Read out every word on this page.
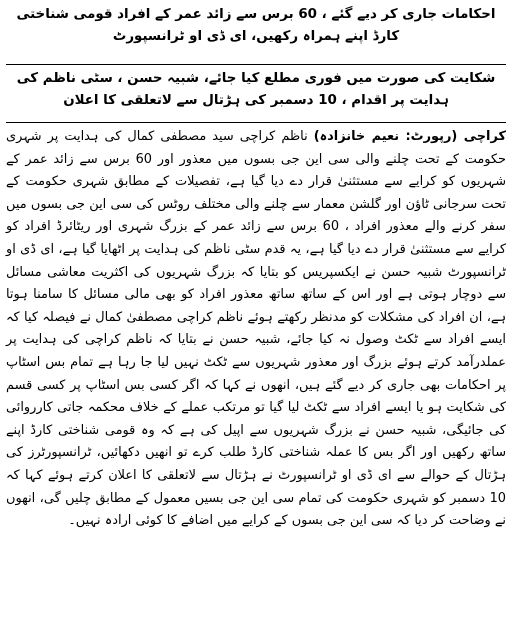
احکامات جاری کر دیے گئے ، 60 برس سے زائد عمر کے افراد قومی شناختی کارڈ اپنے ہمراہ رکھیں، ای ڈی او ٹرانسپورٹ
شکایت کی صورت میں فوری مطلع کیا جائے، شبیہ حسن ، سٹی ناظم کی ہدایت پر اقدام ، 10 دسمبر کی ہڑتال سے لاتعلقی کا اعلان

کراچی (رپورٹ: نعیم خانزادہ) ناظم کراچی سید مصطفی کمال کی ہدایت پر شہری حکومت کے تحت چلنے والی سی این جی بسوں میں معذور اور 60 برس سے زائد عمر کے شہریوں کو کرایے سے مستثنیٰ قرار دے دیا گیا ہے، تفصیلات کے مطابق شہری حکومت کے تحت سرجانی ٹاؤن اور گلشن معمار سے چلنے والی مختلف روٹس کی سی این جی بسوں میں سفر کرنے والے معذور افراد ، 60 برس سے زائد عمر کے بزرگ شہری اور ریٹائرڈ افراد کو کرایے سے مستثنیٰ قرار دے دیا گیا ہے، یہ قدم سٹی ناظم کی ہدایت پر اٹھایا گیا ہے، ای ڈی او ٹرانسپورٹ شبیہ حسن نے ایکسپریس کو بتایا کہ بزرگ شہریوں کی اکثریت معاشی مسائل سے دوچار ہوتی ہے اور اس کے ساتھ ساتھ معذور افراد کو بھی مالی مسائل کا سامنا ہوتا ہے، ان افراد کی مشکلات کو مدنظر رکھتے ہوئے ناظم کراچی مصطفیٰ کمال نے فیصلہ کیا کہ ایسے افراد سے ٹکٹ وصول نہ کیا جائے، شبیہ حسن نے بتایا کہ ناظم کراچی کی ہدایت پر عملدرآمد کرتے ہوئے بزرگ اور معذور شہریوں سے ٹکٹ نہیں لیا جا رہا ہے تمام بس اسٹاپ پر احکامات بھی جاری کر دیے گئے ہیں، انھوں نے کہا کہ اگر کسی بس اسٹاپ پر کسی قسم کی شکایت ہو یا ایسے افراد سے ٹکٹ لیا گیا تو مرتکب عملے کے خلاف محکمہ جاتی کارروائی کی جائیگی، شبیہ حسن نے بزرگ شہریوں سے اپیل کی ہے کہ وہ قومی شناختی کارڈ اپنے ساتھ رکھیں اور اگر بس کا عملہ شناختی کارڈ طلب کرے تو انھیں دکھائیں، ٹرانسپورٹرز کی ہڑتال کے حوالے سے ای ڈی او ٹرانسپورٹ نے ہڑتال سے لاتعلقی کا اعلان کرتے ہوئے کہا کہ 10 دسمبر کو شہری حکومت کی تمام سی این جی بسیں معمول کے مطابق چلیں گی، انھوں نے وضاحت کر دیا کہ سی این جی بسوں کے کرایے میں اضافے کا کوئی ارادہ نہیں۔
